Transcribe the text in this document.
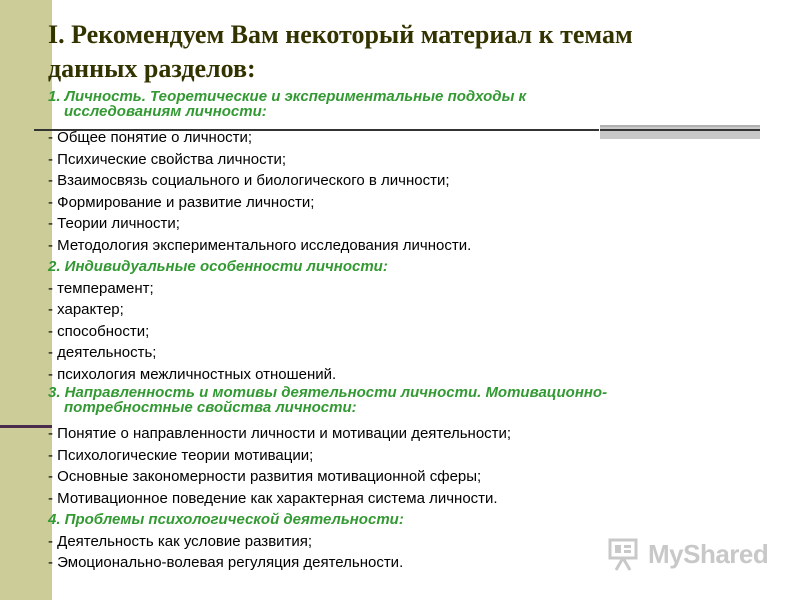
I. Рекомендуем Вам некоторый материал к темам
данных разделов:
1. Личность. Теоретические и экспериментальные подходы к
исследованиям личности:
- Общее понятие о личности;
- Психические свойства личности;
- Взаимосвязь социального и биологического в личности;
- Формирование и развитие личности;
- Теории личности;
- Методология экспериментального исследования личности.
2. Индивидуальные особенности личности:
- темперамент;
- характер;
- способности;
- деятельность;
- психология межличностных отношений.
3. Направленность и мотивы деятельности личности. Мотивационно-
потребностные свойства личности:
- Понятие о направленности личности и мотивации деятельности;
- Психологические теории мотивации;
- Основные закономерности развития мотивационной сферы;
- Мотивационное поведение как характерная система личности.
4. Проблемы психологической деятельности:
- Деятельность как условие развития;
- Эмоционально-волевая регуляция деятельности.	MyShared
